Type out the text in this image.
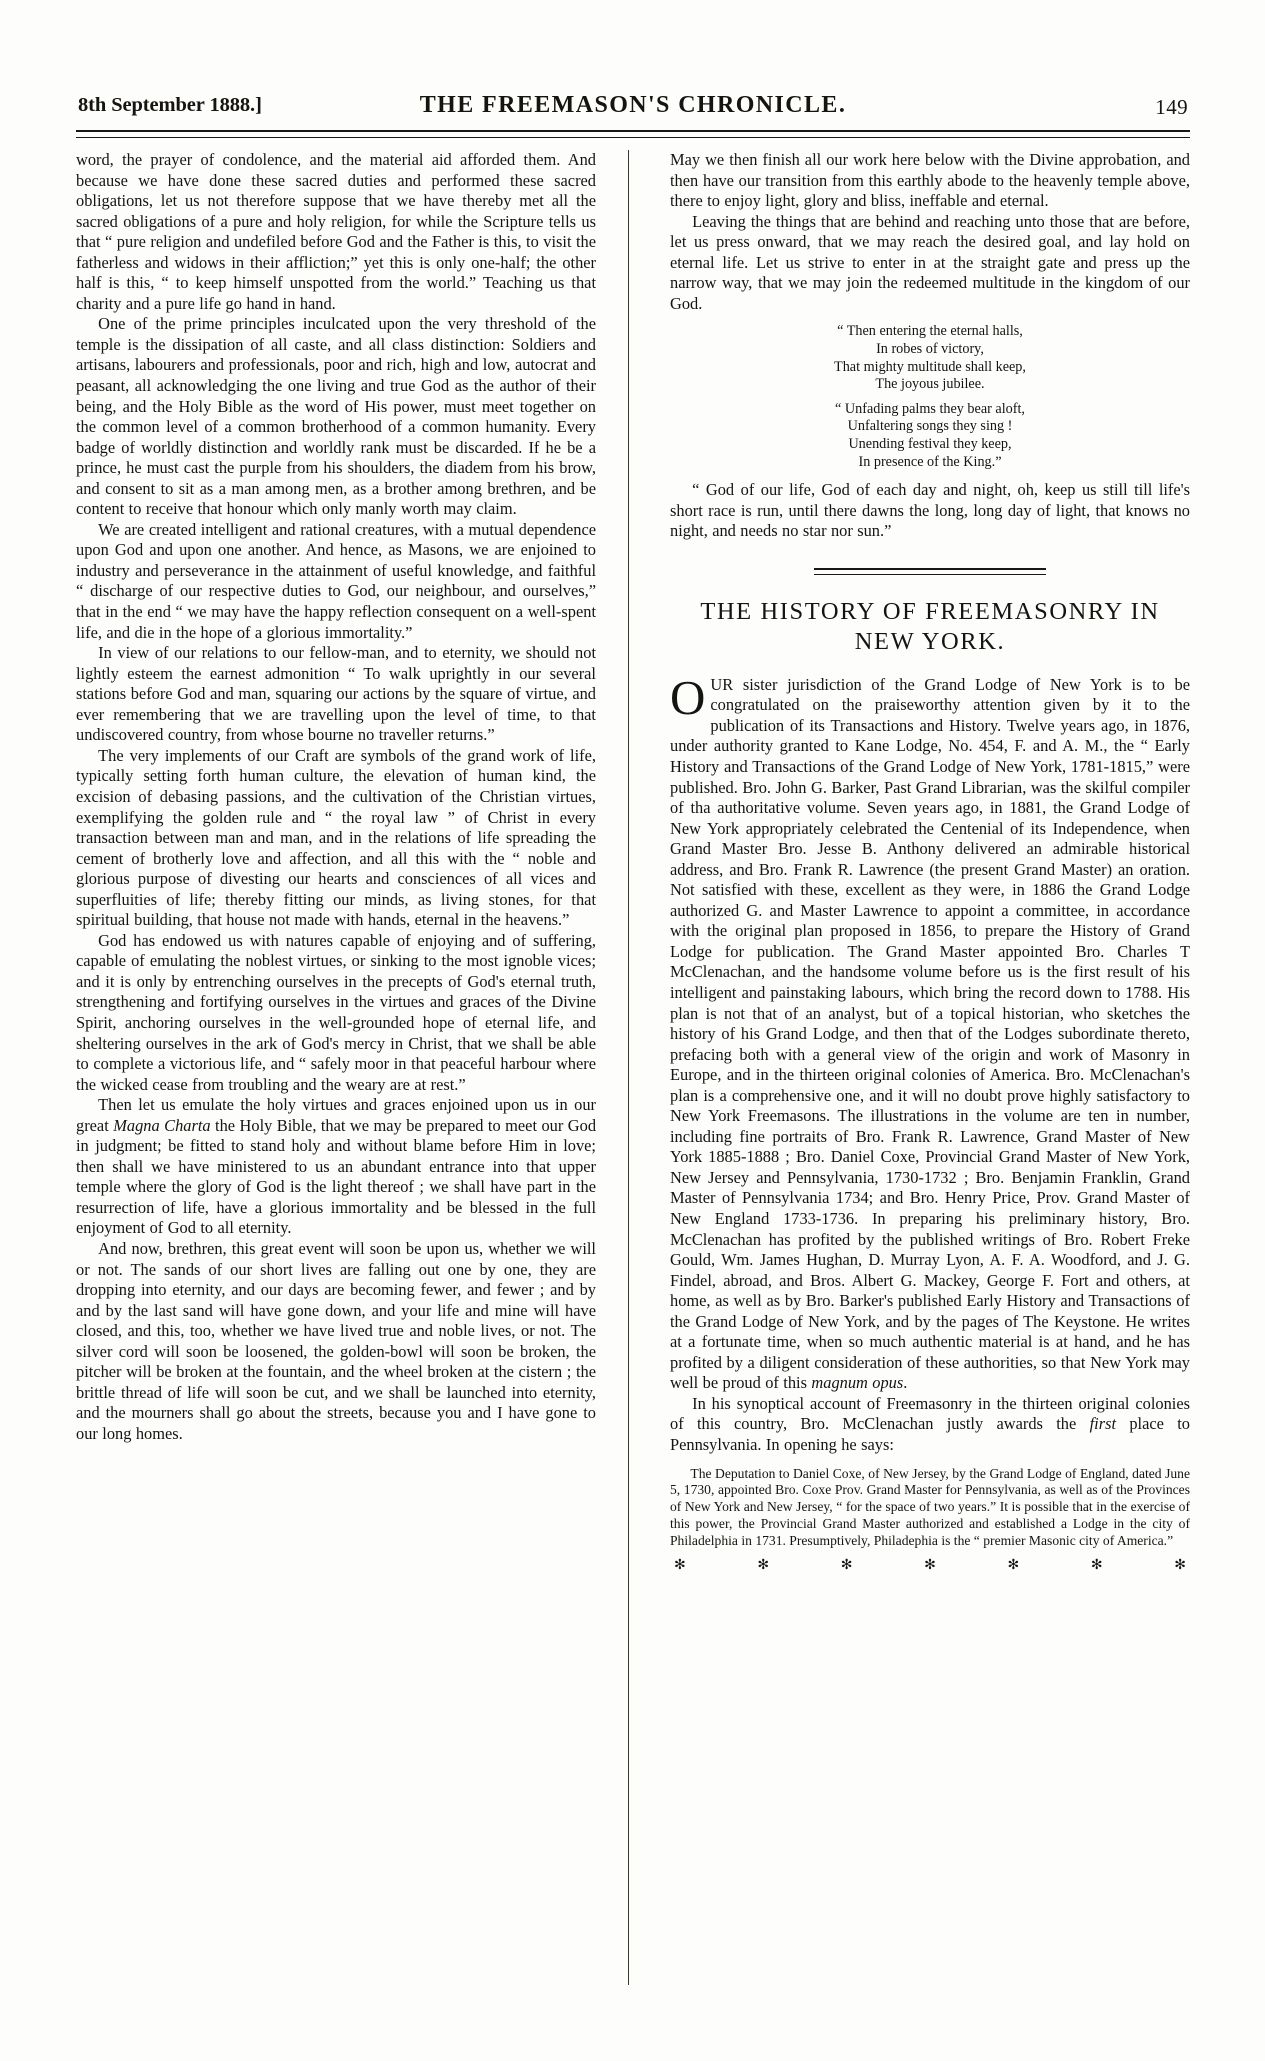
8th September 1888.]	THE FREEMASON'S CHRONICLE.	149

word, the prayer of condolence, and the material aid afforded them. And because we have done these sacred duties and performed these sacred obligations, let us not therefore suppose that we have thereby met all the sacred obligations of a pure and holy religion, for while the Scripture tells us that “ pure religion and undefiled before God and the Father is this, to visit the fatherless and widows in their affliction;” yet this is only one-half; the other half is this, “ to keep himself unspotted from the world.” Teaching us that charity and a pure life go hand in hand.

One of the prime principles inculcated upon the very threshold of the temple is the dissipation of all caste, and all class distinction: Soldiers and artisans, labourers and professionals, poor and rich, high and low, autocrat and peasant, all acknowledging the one living and true God as the author of their being, and the Holy Bible as the word of His power, must meet together on the common level of a common brotherhood of a common humanity. Every badge of worldly distinction and worldly rank must be discarded. If he be a prince, he must cast the purple from his shoulders, the diadem from his brow, and consent to sit as a man among men, as a brother among brethren, and be content to receive that honour which only manly worth may claim.

We are created intelligent and rational creatures, with a mutual dependence upon God and upon one another. And hence, as Masons, we are enjoined to industry and perseverance in the attainment of useful knowledge, and faithful “ discharge of our respective duties to God, our neighbour, and ourselves,” that in the end “ we may have the happy reflection consequent on a well-spent life, and die in the hope of a glorious immortality.”

In view of our relations to our fellow-man, and to eternity, we should not lightly esteem the earnest admonition “ To walk uprightly in our several stations before God and man, squaring our actions by the square of virtue, and ever remembering that we are travelling upon the level of time, to that undiscovered country, from whose bourne no traveller returns.”

The very implements of our Craft are symbols of the grand work of life, typically setting forth human culture, the elevation of human kind, the excision of debasing passions, and the cultivation of the Christian virtues, exemplifying the golden rule and “ the royal law ” of Christ in every transaction between man and man, and in the relations of life spreading the cement of brotherly love and affection, and all this with the “ noble and glorious purpose of divesting our hearts and consciences of all vices and superfluities of life; thereby fitting our minds, as living stones, for that spiritual building, that house not made with hands, eternal in the heavens.”

God has endowed us with natures capable of enjoying and of suffering, capable of emulating the noblest virtues, or sinking to the most ignoble vices; and it is only by entrenching ourselves in the precepts of God's eternal truth, strengthening and fortifying ourselves in the virtues and graces of the Divine Spirit, anchoring ourselves in the well-grounded hope of eternal life, and sheltering ourselves in the ark of God's mercy in Christ, that we shall be able to complete a victorious life, and “ safely moor in that peaceful harbour where the wicked cease from troubling and the weary are at rest.”

Then let us emulate the holy virtues and graces enjoined upon us in our great Magna Charta the Holy Bible, that we may be prepared to meet our God in judgment; be fitted to stand holy and without blame before Him in love; then shall we have ministered to us an abundant entrance into that upper temple where the glory of God is the light thereof ; we shall have part in the resurrection of life, have a glorious immortality and be blessed in the full enjoyment of God to all eternity.

And now, brethren, this great event will soon be upon us, whether we will or not. The sands of our short lives are falling out one by one, they are dropping into eternity, and our days are becoming fewer, and fewer ; and by and by the last sand will have gone down, and your life and mine will have closed, and this, too, whether we have lived true and noble lives, or not. The silver cord will soon be loosened, the golden-bowl will soon be broken, the pitcher will be broken at the fountain, and the wheel broken at the cistern ; the brittle thread of life will soon be cut, and we shall be launched into eternity, and the mourners shall go about the streets, because you and I have gone to our long homes.

May we then finish all our work here below with the Divine approbation, and then have our transition from this earthly abode to the heavenly temple above, there to enjoy light, glory and bliss, ineffable and eternal.

Leaving the things that are behind and reaching unto those that are before, let us press onward, that we may reach the desired goal, and lay hold on eternal life. Let us strive to enter in at the straight gate and press up the narrow way, that we may join the redeemed multitude in the kingdom of our God.

“ Then entering the eternal halls,
In robes of victory,
That mighty multitude shall keep,
The joyous jubilee.
“ Unfading palms they bear aloft,
Unfaltering songs they sing !
Unending festival they keep,
In presence of the King.”

“ God of our life, God of each day and night, oh, keep us still till life's short race is run, until there dawns the long, long day of light, that knows no night, and needs no star nor sun.”

THE HISTORY OF FREEMASONRY IN NEW YORK.

OUR sister jurisdiction of the Grand Lodge of New York is to be congratulated on the praiseworthy attention given by it to the publication of its Transactions and History. Twelve years ago, in 1876, under authority granted to Kane Lodge, No. 454, F. and A. M., the “ Early History and Transactions of the Grand Lodge of New York, 1781-1815,” were published. Bro. John G. Barker, Past Grand Librarian, was the skilful compiler of tha authoritative volume. Seven years ago, in 1881, the Grand Lodge of New York appropriately celebrated the Centenial of its Independence, when Grand Master Bro. Jesse B. Anthony delivered an admirable historical address, and Bro. Frank R. Lawrence (the present Grand Master) an oration. Not satisfied with these, excellent as they were, in 1886 the Grand Lodge authorized G. and Master Lawrence to appoint a committee, in accordance with the original plan proposed in 1856, to prepare the History of Grand Lodge for publication. The Grand Master appointed Bro. Charles T McClenachan, and the handsome volume before us is the first result of his intelligent and painstaking labours, which bring the record down to 1788. His plan is not that of an analyst, but of a topical historian, who sketches the history of his Grand Lodge, and then that of the Lodges subordinate thereto, prefacing both with a general view of the origin and work of Masonry in Europe, and in the thirteen original colonies of America. Bro. McClenachan's plan is a comprehensive one, and it will no doubt prove highly satisfactory to New York Freemasons. The illustrations in the volume are ten in number, including fine portraits of Bro. Frank R. Lawrence, Grand Master of New York 1885-1888 ; Bro. Daniel Coxe, Provincial Grand Master of New York, New Jersey and Pennsylvania, 1730-1732 ; Bro. Benjamin Franklin, Grand Master of Pennsylvania 1734; and Bro. Henry Price, Prov. Grand Master of New England 1733-1736. In preparing his preliminary history, Bro. McClenachan has profited by the published writings of Bro. Robert Freke Gould, Wm. James Hughan, D. Murray Lyon, A. F. A. Woodford, and J. G. Findel, abroad, and Bros. Albert G. Mackey, George F. Fort and others, at home, as well as by Bro. Barker's published Early History and Transactions of the Grand Lodge of New York, and by the pages of The Keystone. He writes at a fortunate time, when so much authentic material is at hand, and he has profited by a diligent consideration of these authorities, so that New York may well be proud of this magnum opus.

In his synoptical account of Freemasonry in the thirteen original colonies of this country, Bro. McClenachan justly awards the first place to Pennsylvania. In opening he says:

The Deputation to Daniel Coxe, of New Jersey, by the Grand Lodge of England, dated June 5, 1730, appointed Bro. Coxe Prov. Grand Master for Pennsylvania, as well as of the Provinces of New York and New Jersey, “ for the space of two years.” It is possible that in the exercise of this power, the Provincial Grand Master authorized and established a Lodge in the city of Philadelphia in 1731. Presumptively, Philadephia is the “ premier Masonic city of America.”

✻	✻	✻	✻	✻	✻	✻
